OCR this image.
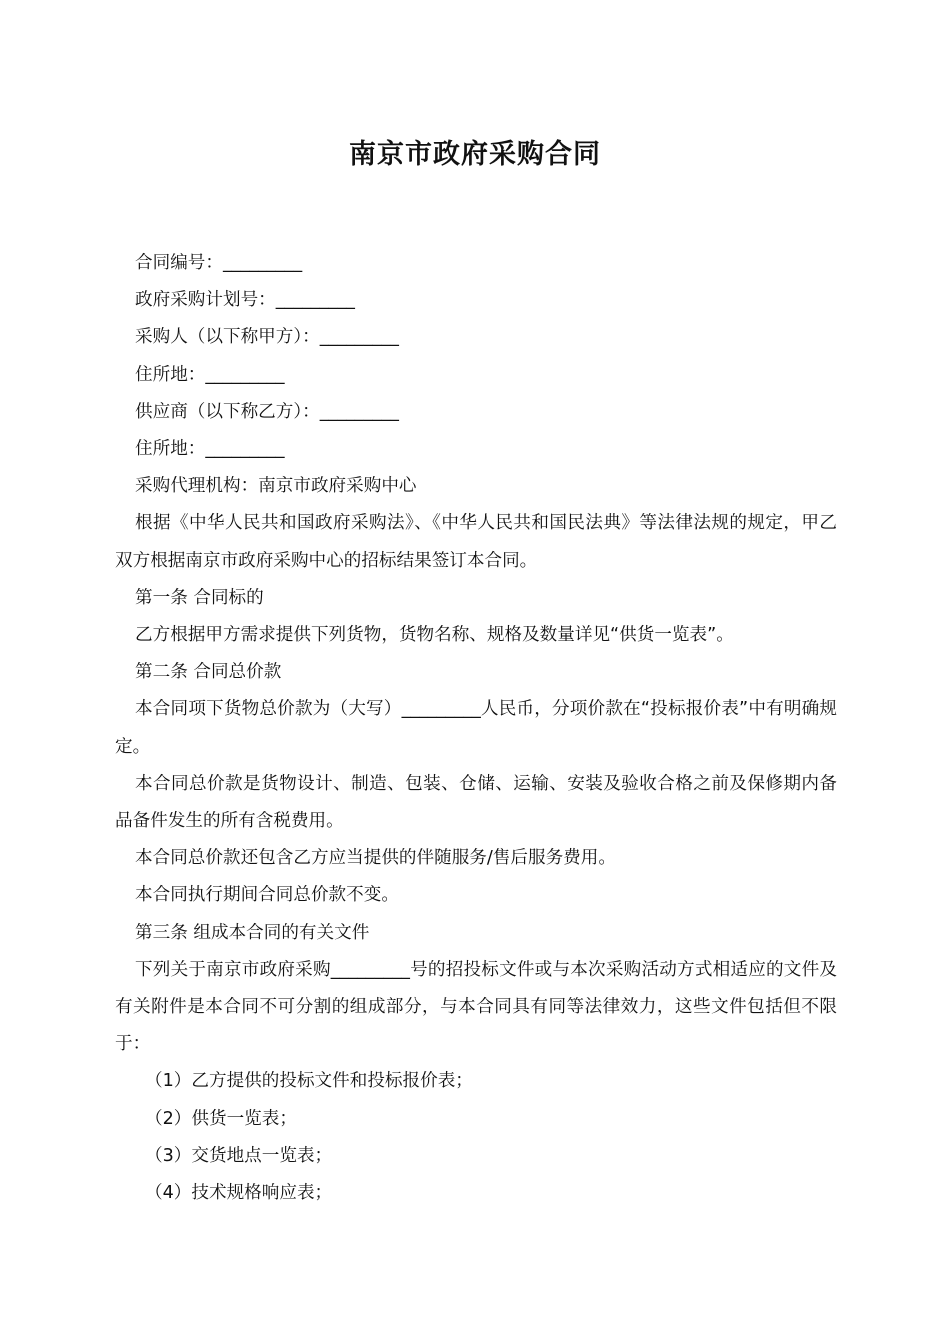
南京市政府采购合同

合同编号：_________

政府采购计划号：_________

采购人（以下称甲方）：_________

住所地：_________

供应商（以下称乙方）：_________

住所地：_________

采购代理机构：南京市政府采购中心

根据《中华人民共和国政府采购法》、《中华人民共和国民法典》等法律法规的规定，甲乙双方根据南京市政府采购中心的招标结果签订本合同。

第一条 合同标的

乙方根据甲方需求提供下列货物，货物名称、规格及数量详见“供货一览表”。

第二条 合同总价款

本合同项下货物总价款为（大写）_________人民币，分项价款在“投标报价表”中有明确规定。

本合同总价款是货物设计、制造、包装、仓储、运输、安装及验收合格之前及保修期内备品备件发生的所有含税费用。

本合同总价款还包含乙方应当提供的伴随服务/售后服务费用。

本合同执行期间合同总价款不变。

第三条 组成本合同的有关文件

下列关于南京市政府采购_________号的招投标文件或与本次采购活动方式相适应的文件及有关附件是本合同不可分割的组成部分，与本合同具有同等法律效力，这些文件包括但不限于：

（1）乙方提供的投标文件和投标报价表；

（2）供货一览表；

（3）交货地点一览表；

（4）技术规格响应表；
